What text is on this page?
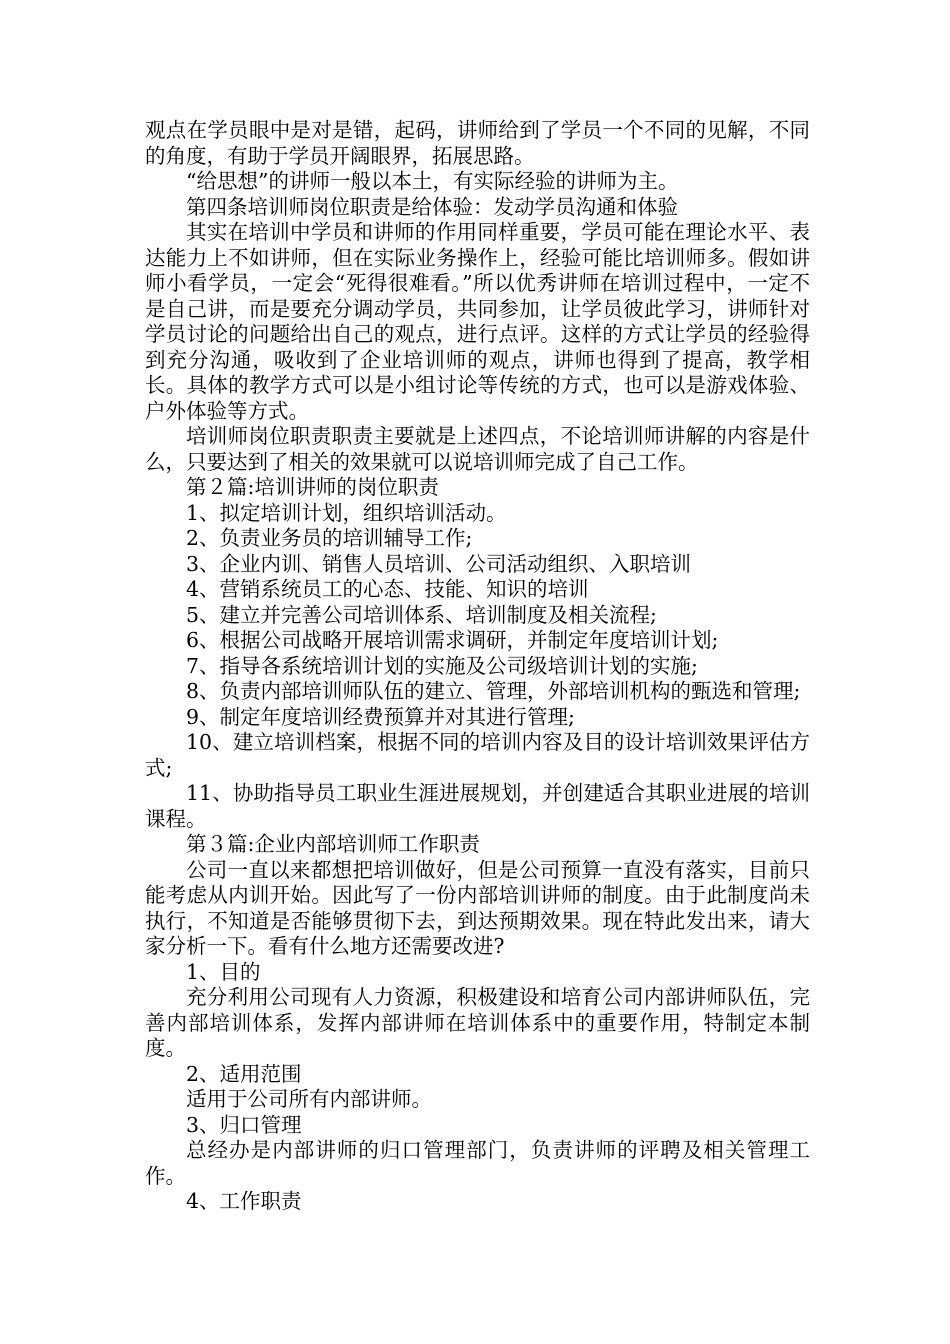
观点在学员眼中是对是错，起码，讲师给到了学员一个不同的见解，不同的角度，有助于学员开阔眼界，拓展思路。

“给思想”的讲师一般以本土，有实际经验的讲师为主。

第四条培训师岗位职责是给体验：发动学员沟通和体验

其实在培训中学员和讲师的作用同样重要，学员可能在理论水平、表达能力上不如讲师，但在实际业务操作上，经验可能比培训师多。假如讲师小看学员，一定会“死得很难看。”所以优秀讲师在培训过程中，一定不是自己讲，而是要充分调动学员，共同参加，让学员彼此学习，讲师针对学员讨论的问题给出自己的观点，进行点评。这样的方式让学员的经验得到充分沟通，吸收到了企业培训师的观点，讲师也得到了提高，教学相长。具体的教学方式可以是小组讨论等传统的方式，也可以是游戏体验、户外体验等方式。

培训师岗位职责职责主要就是上述四点，不论培训师讲解的内容是什么，只要达到了相关的效果就可以说培训师完成了自己工作。

第２篇:培训讲师的岗位职责

1、拟定培训计划，组织培训活动。

2、负责业务员的培训辅导工作;

3、企业内训、销售人员培训、公司活动组织、入职培训

4、营销系统员工的心态、技能、知识的培训

5、建立并完善公司培训体系、培训制度及相关流程;

6、根据公司战略开展培训需求调研，并制定年度培训计划;

7、指导各系统培训计划的实施及公司级培训计划的实施;

8、负责内部培训师队伍的建立、管理，外部培训机构的甄选和管理;

9、制定年度培训经费预算并对其进行管理;

10、建立培训档案，根据不同的培训内容及目的设计培训效果评估方式;

11、协助指导员工职业生涯进展规划，并创建适合其职业进展的培训课程。

第３篇:企业内部培训师工作职责

公司一直以来都想把培训做好，但是公司预算一直没有落实，目前只能考虑从内训开始。因此写了一份内部培训讲师的制度。由于此制度尚未执行，不知道是否能够贯彻下去，到达预期效果。现在特此发出来，请大家分析一下。看有什么地方还需要改进?

1、目的

充分利用公司现有人力资源，积极建设和培育公司内部讲师队伍，完善内部培训体系，发挥内部讲师在培训体系中的重要作用，特制定本制度。

2、适用范围

适用于公司所有内部讲师。

3、归口管理

总经办是内部讲师的归口管理部门，负责讲师的评聘及相关管理工作。

4、工作职责
